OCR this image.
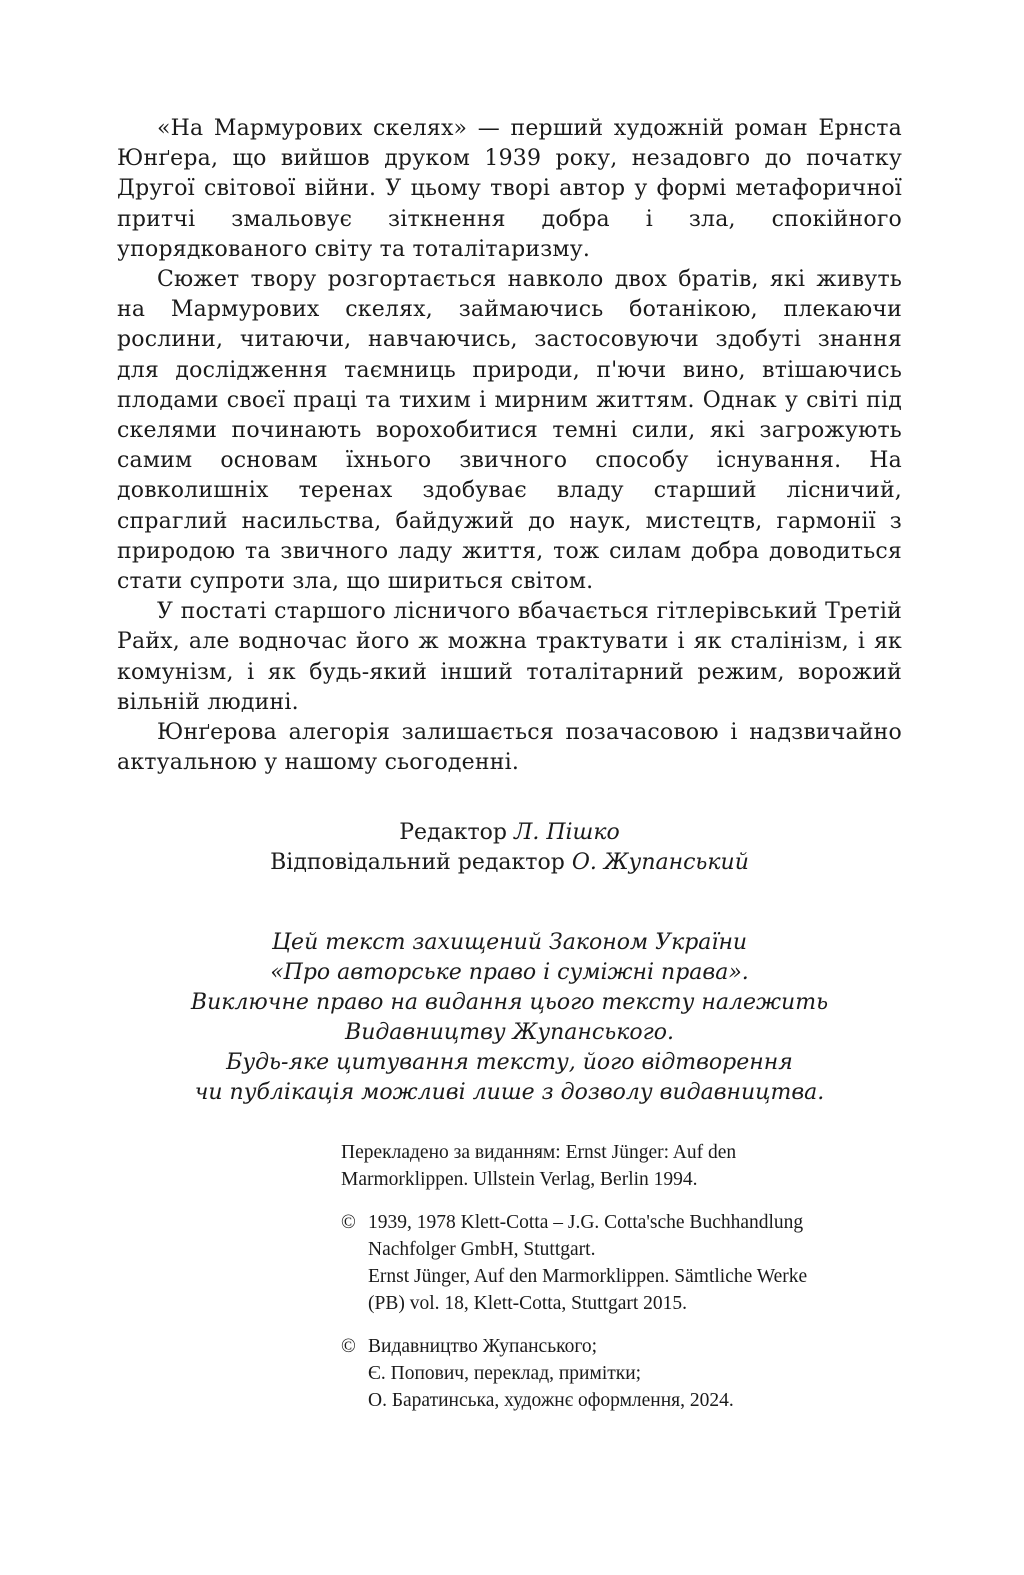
«На Мармурових скелях» — перший художній роман Ернста Юнґера, що вийшов друком 1939 року, незадовго до початку Другої світової війни. У цьому творі автор у формі метафоричної притчі змальовує зіткнення добра і зла, спокійного упорядкованого світу та тоталітаризму.

Сюжет твору розгортається навколо двох братів, які живуть на Мармурових скелях, займаючись ботанікою, плекаючи рослини, читаючи, навчаючись, застосовуючи здобуті знання для дослідження таємниць природи, п'ючи вино, втішаючись плодами своєї праці та тихим і мирним життям. Однак у світі під скелями починають ворохобитися темні сили, які загрожують самим основам їхнього звичного способу існування. На довколишніх теренах здобуває владу старший лісничий, спраглий насильства, байдужий до наук, мистецтв, гармонії з природою та звичного ладу життя, тож силам добра доводиться стати супроти зла, що шириться світом.

У постаті старшого лісничого вбачається гітлерівський Третій Райх, але водночас його ж можна трактувати і як сталінізм, і як комунізм, і як будь-який інший тоталітарний режим, ворожий вільній людині.

Юнґерова алегорія залишається позачасовою і надзвичайно актуальною у нашому сьогоденні.

Редактор Л. Пішко
Відповідальний редактор О. Жупанський
Цей текст захищений Законом України
«Про авторське право і суміжні права».
Виключне право на видання цього тексту належить
Видавництву Жупанського.
Будь-яке цитування тексту, його відтворення
чи публікація можливі лише з дозволу видавництва.
Перекладено за виданням: Ernst Jünger: Auf den
Marmorklippen. Ullstein Verlag, Berlin 1994.
© 1939, 1978 Klett-Cotta – J.G. Cotta'sche Buchhandlung
Nachfolger GmbH, Stuttgart.
Ernst Jünger, Auf den Marmorklippen. Sämtliche Werke
(PB) vol. 18, Klett-Cotta, Stuttgart 2015.
© Видавництво Жупанського;
Є. Попович, переклад, примітки;
О. Баратинська, художнє оформлення, 2024.
